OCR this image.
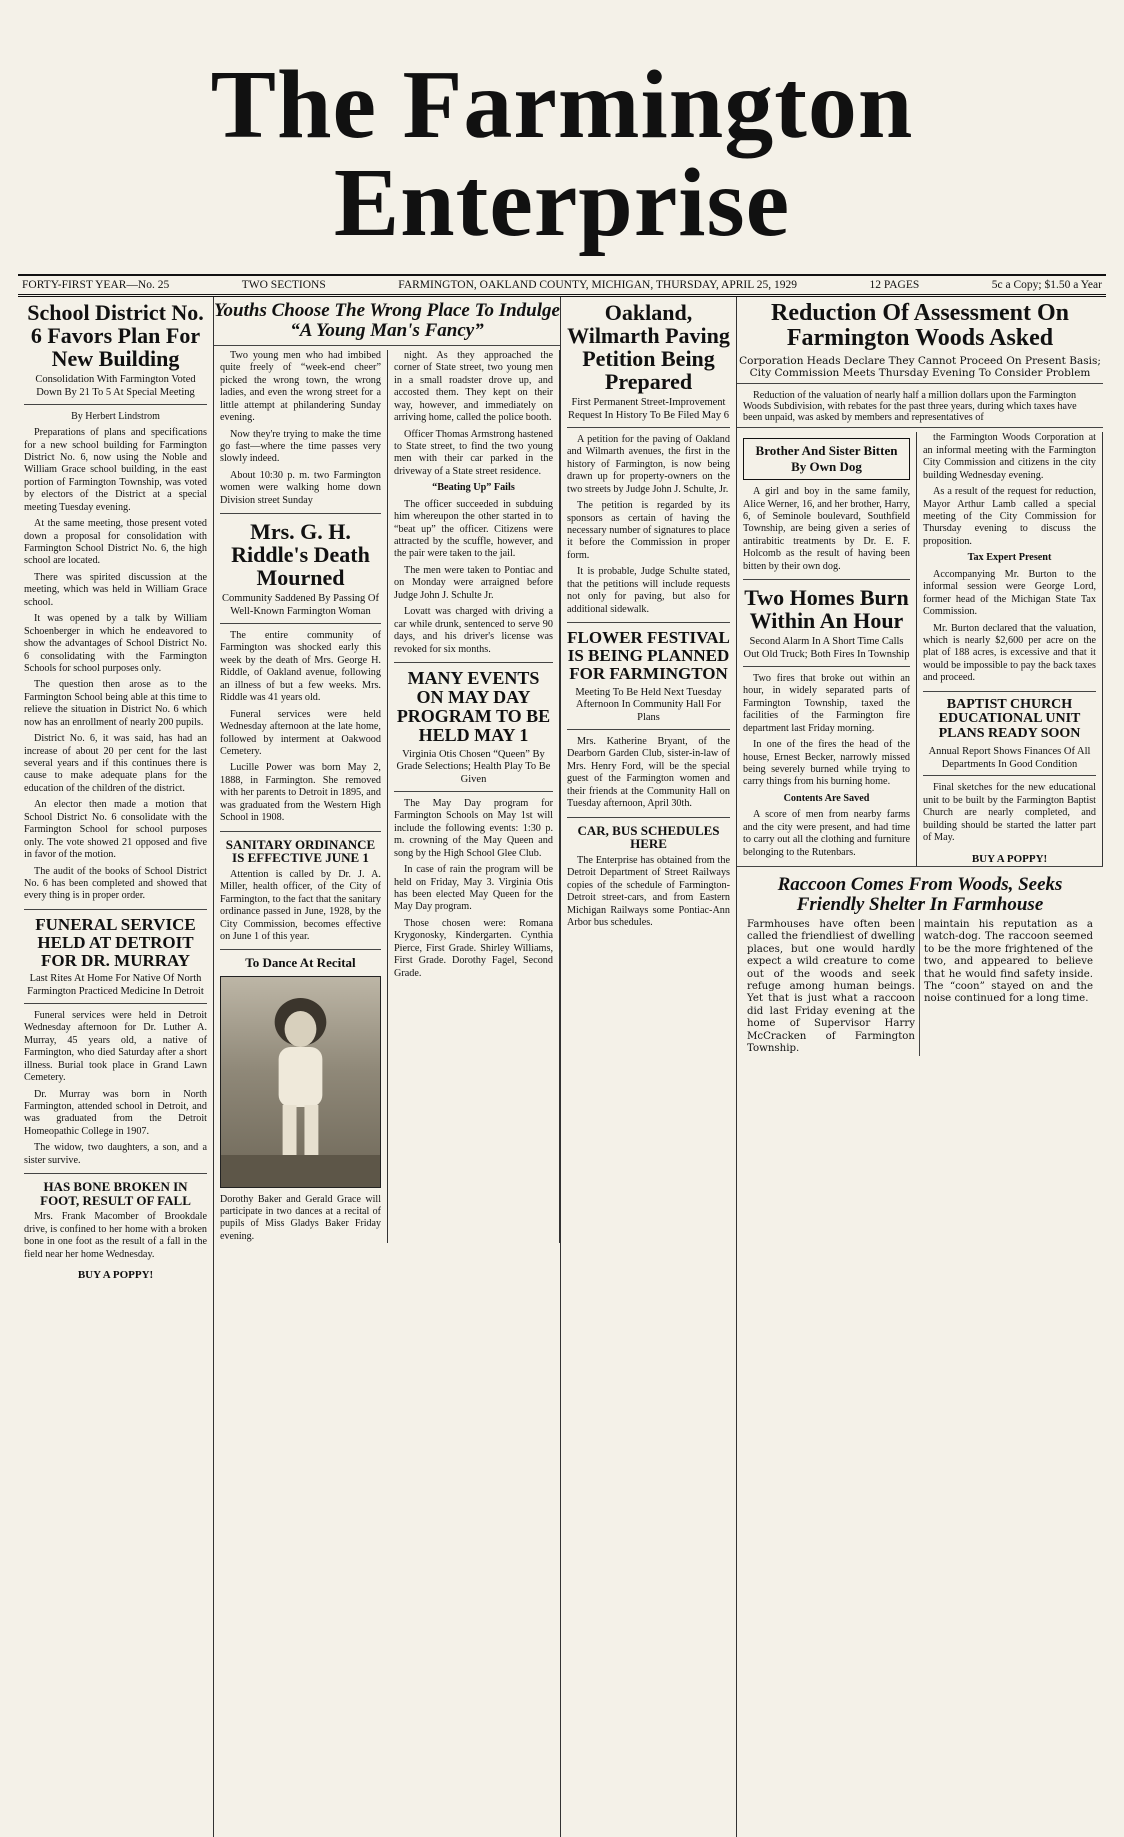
The Farmington Enterprise
FORTY-FIRST YEAR—No. 25	TWO SECTIONS	FARMINGTON, OAKLAND COUNTY, MICHIGAN, THURSDAY, APRIL 25, 1929	12 PAGES	5c a Copy; $1.50 a Year
School District No. 6 Favors Plan For New Building
Consolidation With Farmington Voted Down By 21 To 5 At Special Meeting
By Herbert Lindstrom

Preparations of plans and specifications for a new school building for Farmington District No. 6, now using the Noble and William Grace school building, in the east portion of Farmington Township, was voted by electors of the District at a special meeting Tuesday evening.

At the same meeting, those present voted down a proposal for consolidation with Farmington School District No. 6, the high school are located.

There was spirited discussion at the meeting, which was held in William Grace school.

It was opened by a talk by William Schoenberger in which he endeavored to show the advantages of School District No. 6 consolidating with the Farmington Schools for school purposes only.

The question then arose as to the Farmington School being able at this time to relieve the situation in District No. 6 which now has an enrollment of nearly 200 pupils.

District No. 6, it was said, has had an increase of about 20 per cent for the last several years and if this continues there is cause to make adequate plans for the education of the children of the district.

An elector then made a motion that School District No. 6 consolidate with the Farmington School for school purposes only. The vote showed 21 opposed and five in favor of the motion.

The audit of the books of School District No. 6 has been completed and showed that every thing is in proper order.

FUNERAL SERVICE HELD AT DETROIT FOR DR. MURRAY
Last Rites At Home For Native Of North Farmington Practiced Medicine In Detroit

Funeral services were held in Detroit Wednesday afternoon for Dr. Luther A. Murray, 45 years old, a native of Farmington, who died Saturday after a short illness. Burial took place in Grand Lawn Cemetery.

Dr. Murray was born in North Farmington, attended school in Detroit, and was graduated from the Detroit Homeopathic College in 1907.

The widow, two daughters, a son, and a sister survive.

HAS BONE BROKEN IN FOOT, RESULT OF FALL

Mrs. Frank Macomber of Brookdale drive, is confined to her home with a broken bone in one foot as the result of a fall in the field near her home Wednesday.

BUY A POPPY!
Youths Choose The Wrong Place To Indulge “A Young Man's Fancy”

Two young men who had imbibed quite freely of “week-end cheer” picked the wrong town, the wrong ladies, and even the wrong street for a little attempt at philandering Sunday evening.

Now they're trying to make the time go fast—where the time passes very slowly indeed.

About 10:30 p. m. two Farmington women were walking home down Division street Sunday

Mrs. G. H. Riddle's Death Mourned
Community Saddened By Passing Of Well-Known Farmington Woman

The entire community of Farmington was shocked early this week by the death of Mrs. George H. Riddle, of Oakland avenue, following an illness of but a few weeks. Mrs. Riddle was 41 years old.

Funeral services were held Wednesday afternoon at the late home, followed by interment at Oakwood Cemetery.

Lucille Power was born May 2, 1888, in Farmington. She removed with her parents to Detroit in 1895, and was graduated from the Western High School in 1908.

SANITARY ORDINANCE IS EFFECTIVE JUNE 1

Attention is called by Dr. J. A. Miller, health officer, of the City of Farmington, to the fact that the sanitary ordinance passed in June, 1928, by the City Commission, becomes effective on June 1 of this year.

To Dance At Recital
Dorothy Baker and Gerald Grace will participate in two dances at a recital of pupils of Miss Gladys Baker Friday evening.

night. As they approached the corner of State street, two young men in a small roadster drove up, and accosted them. They kept on their way, however, and immediately on arriving home, called the police booth.

Officer Thomas Armstrong hastened to State street, to find the two young men with their car parked in the driveway of a State street residence.

“Beating Up” Fails

The officer succeeded in subduing him whereupon the other started in to “beat up” the officer. Citizens were attracted by the scuffle, however, and the pair were taken to the jail.

The men were taken to Pontiac and on Monday were arraigned before Judge John J. Schulte Jr.

Lovatt was charged with driving a car while drunk, sentenced to serve 90 days, and his driver's license was revoked for six months.

MANY EVENTS ON MAY DAY PROGRAM TO BE HELD MAY 1
Virginia Otis Chosen “Queen” By Grade Selections; Health Play To Be Given

The May Day program for Farmington Schools on May 1st will include the following events: 1:30 p. m. crowning of the May Queen and song by the High School Glee Club.

In case of rain the program will be held on Friday, May 3. Virginia Otis has been elected May Queen for the May Day program.

Those chosen were: Romana Krygonosky, Kindergarten. Cynthia Pierce, First Grade. Shirley Williams, First Grade. Dorothy Fagel, Second Grade.

Oakland, Wilmarth Paving Petition Being Prepared
First Permanent Street-Improvement Request In History To Be Filed May 6

A petition for the paving of Oakland and Wilmarth avenues, the first in the history of Farmington, is now being drawn up for property-owners on the two streets by Judge John J. Schulte, Jr.

The petition is regarded by its sponsors as certain of having the necessary number of signatures to place it before the Commission in proper form.

It is probable, Judge Schulte stated, that the petitions will include requests not only for paving, but also for additional sidewalk.

FLOWER FESTIVAL IS BEING PLANNED FOR FARMINGTON
Meeting To Be Held Next Tuesday Afternoon In Community Hall For Plans

Mrs. Katherine Bryant, of the Dearborn Garden Club, sister-in-law of Mrs. Henry Ford, will be the special guest of the Farmington women and their friends at the Community Hall on Tuesday afternoon, April 30th.

CAR, BUS SCHEDULES HERE

The Enterprise has obtained from the Detroit Department of Street Railways copies of the schedule of Farmington-Detroit street-cars, and from Eastern Michigan Railways some Pontiac-Ann Arbor bus schedules.

Reduction Of Assessment On Farmington Woods Asked
Corporation Heads Declare They Cannot Proceed On Present Basis; City Commission Meets Thursday Evening To Consider Problem

Reduction of the valuation of nearly half a million dollars upon the Farmington Woods Subdivision, with rebates for the past three years, during which taxes have been unpaid, was asked by members and representatives of

Brother And Sister Bitten By Own Dog

A girl and boy in the same family, Alice Werner, 16, and her brother, Harry, 6, of Seminole boulevard, Southfield Township, are being given a series of antirabitic treatments by Dr. E. F. Holcomb as the result of having been bitten by their own dog.

Two Homes Burn Within An Hour
Second Alarm In A Short Time Calls Out Old Truck; Both Fires In Township

Two fires that broke out within an hour, in widely separated parts of Farmington Township, taxed the facilities of the Farmington fire department last Friday morning.

In one of the fires the head of the house, Ernest Becker, narrowly missed being severely burned while trying to carry things from his burning home.

Contents Are Saved

A score of men from nearby farms and the city were present, and had time to carry out all the clothing and furniture belonging to the Rutenbars.

the Farmington Woods Corporation at an informal meeting with the Farmington City Commission and citizens in the city building Wednesday evening.

As a result of the request for reduction, Mayor Arthur Lamb called a special meeting of the City Commission for Thursday evening to discuss the proposition.

Tax Expert Present

Accompanying Mr. Burton to the informal session were George Lord, former head of the Michigan State Tax Commission.

Mr. Burton declared that the valuation, which is nearly $2,600 per acre on the plat of 188 acres, is excessive and that it would be impossible to pay the back taxes and proceed.

BAPTIST CHURCH EDUCATIONAL UNIT PLANS READY SOON
Annual Report Shows Finances Of All Departments In Good Condition

Final sketches for the new educational unit to be built by the Farmington Baptist Church are nearly completed, and building should be started the latter part of May.

BUY A POPPY!
Raccoon Comes From Woods, Seeks Friendly Shelter In Farmhouse
Farmhouses have often been called the friendliest of dwelling places, but one would hardly expect a wild creature to come out of the woods and seek refuge among human beings. Yet that is just what a raccoon did last Friday evening at the home of Supervisor Harry McCracken of Farmington Township.
maintain his reputation as a watch-dog. The raccoon seemed to be the more frightened of the two, and appeared to believe that he would find safety inside. The “coon” stayed on and the noise continued for a long time.
